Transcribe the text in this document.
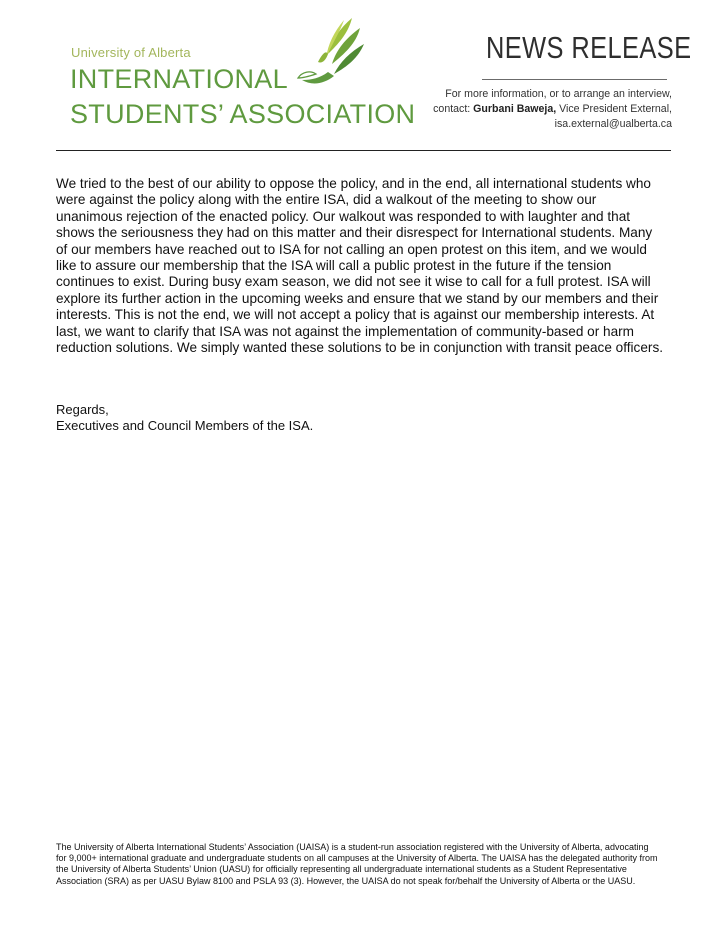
University of Alberta
INTERNATIONAL
STUDENTS’ ASSOCIATION
NEWS RELEASE
For more information, or to arrange an interview,
contact: Gurbani Baweja, Vice President External,
isa.external@ualberta.ca
We tried to the best of our ability to oppose the policy, and in the end, all international students who were against the policy along with the entire ISA, did a walkout of the meeting to show our unanimous rejection of the enacted policy. Our walkout was responded to with laughter and that shows the seriousness they had on this matter and their disrespect for International students. Many of our members have reached out to ISA for not calling an open protest on this item, and we would like to assure our membership that the ISA will call a public protest in the future if the tension continues to exist. During busy exam season, we did not see it wise to call for a full protest. ISA will explore its further action in the upcoming weeks and ensure that we stand by our members and their interests. This is not the end, we will not accept a policy that is against our membership interests. At last, we want to clarify that ISA was not against the implementation of community-based or harm reduction solutions. We simply wanted these solutions to be in conjunction with transit peace officers.
Regards,
Executives and Council Members of the ISA.
The University of Alberta International Students’ Association (UAISA) is a student-run association registered with the University of Alberta, advocating for 9,000+ international graduate and undergraduate students on all campuses at the University of Alberta. The UAISA has the delegated authority from the University of Alberta Students’ Union (UASU) for officially representing all undergraduate international students as a Student Representative Association (SRA) as per UASU Bylaw 8100 and PSLA 93 (3). However, the UAISA do not speak for/behalf the University of Alberta or the UASU.
